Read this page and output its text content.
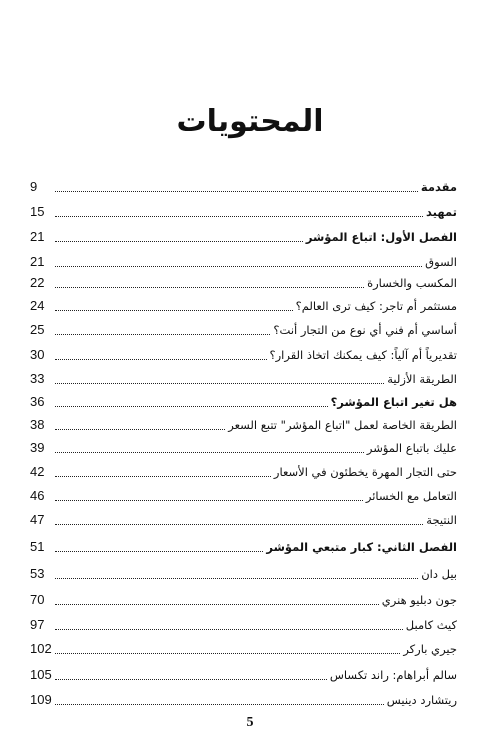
المحتويات
9	مقدمة
15	تمهيد
21	الفصل الأول: اتباع المؤشر
21	السوق
22	المكسب والخسارة
24	مستثمر أم تاجر: كيف ترى العالم؟
25	أساسي أم فني أي نوع من التجار أنت؟
30	تقديرياً أم آلياً: كيف يمكنك اتخاذ القرار؟
33	الطريقة الأزلية
36	هل تغير اتباع المؤشر؟
38	الطريقة الخاصة لعمل "اتباع المؤشر" تتبع السعر
39	عليك باتباع المؤشر
42	حتى التجار المهرة يخطئون في الأسعار
46	التعامل مع الخسائر
47	النتيجة
51	الفصل الثاني: كبار متبعي المؤشر
53	بيل دان
70	جون دبليو هنري
97	كيث كامبل
102	جيري باركر
105	سالم أبراهام: راند تكساس
109	ريتشارد دينيس
5
